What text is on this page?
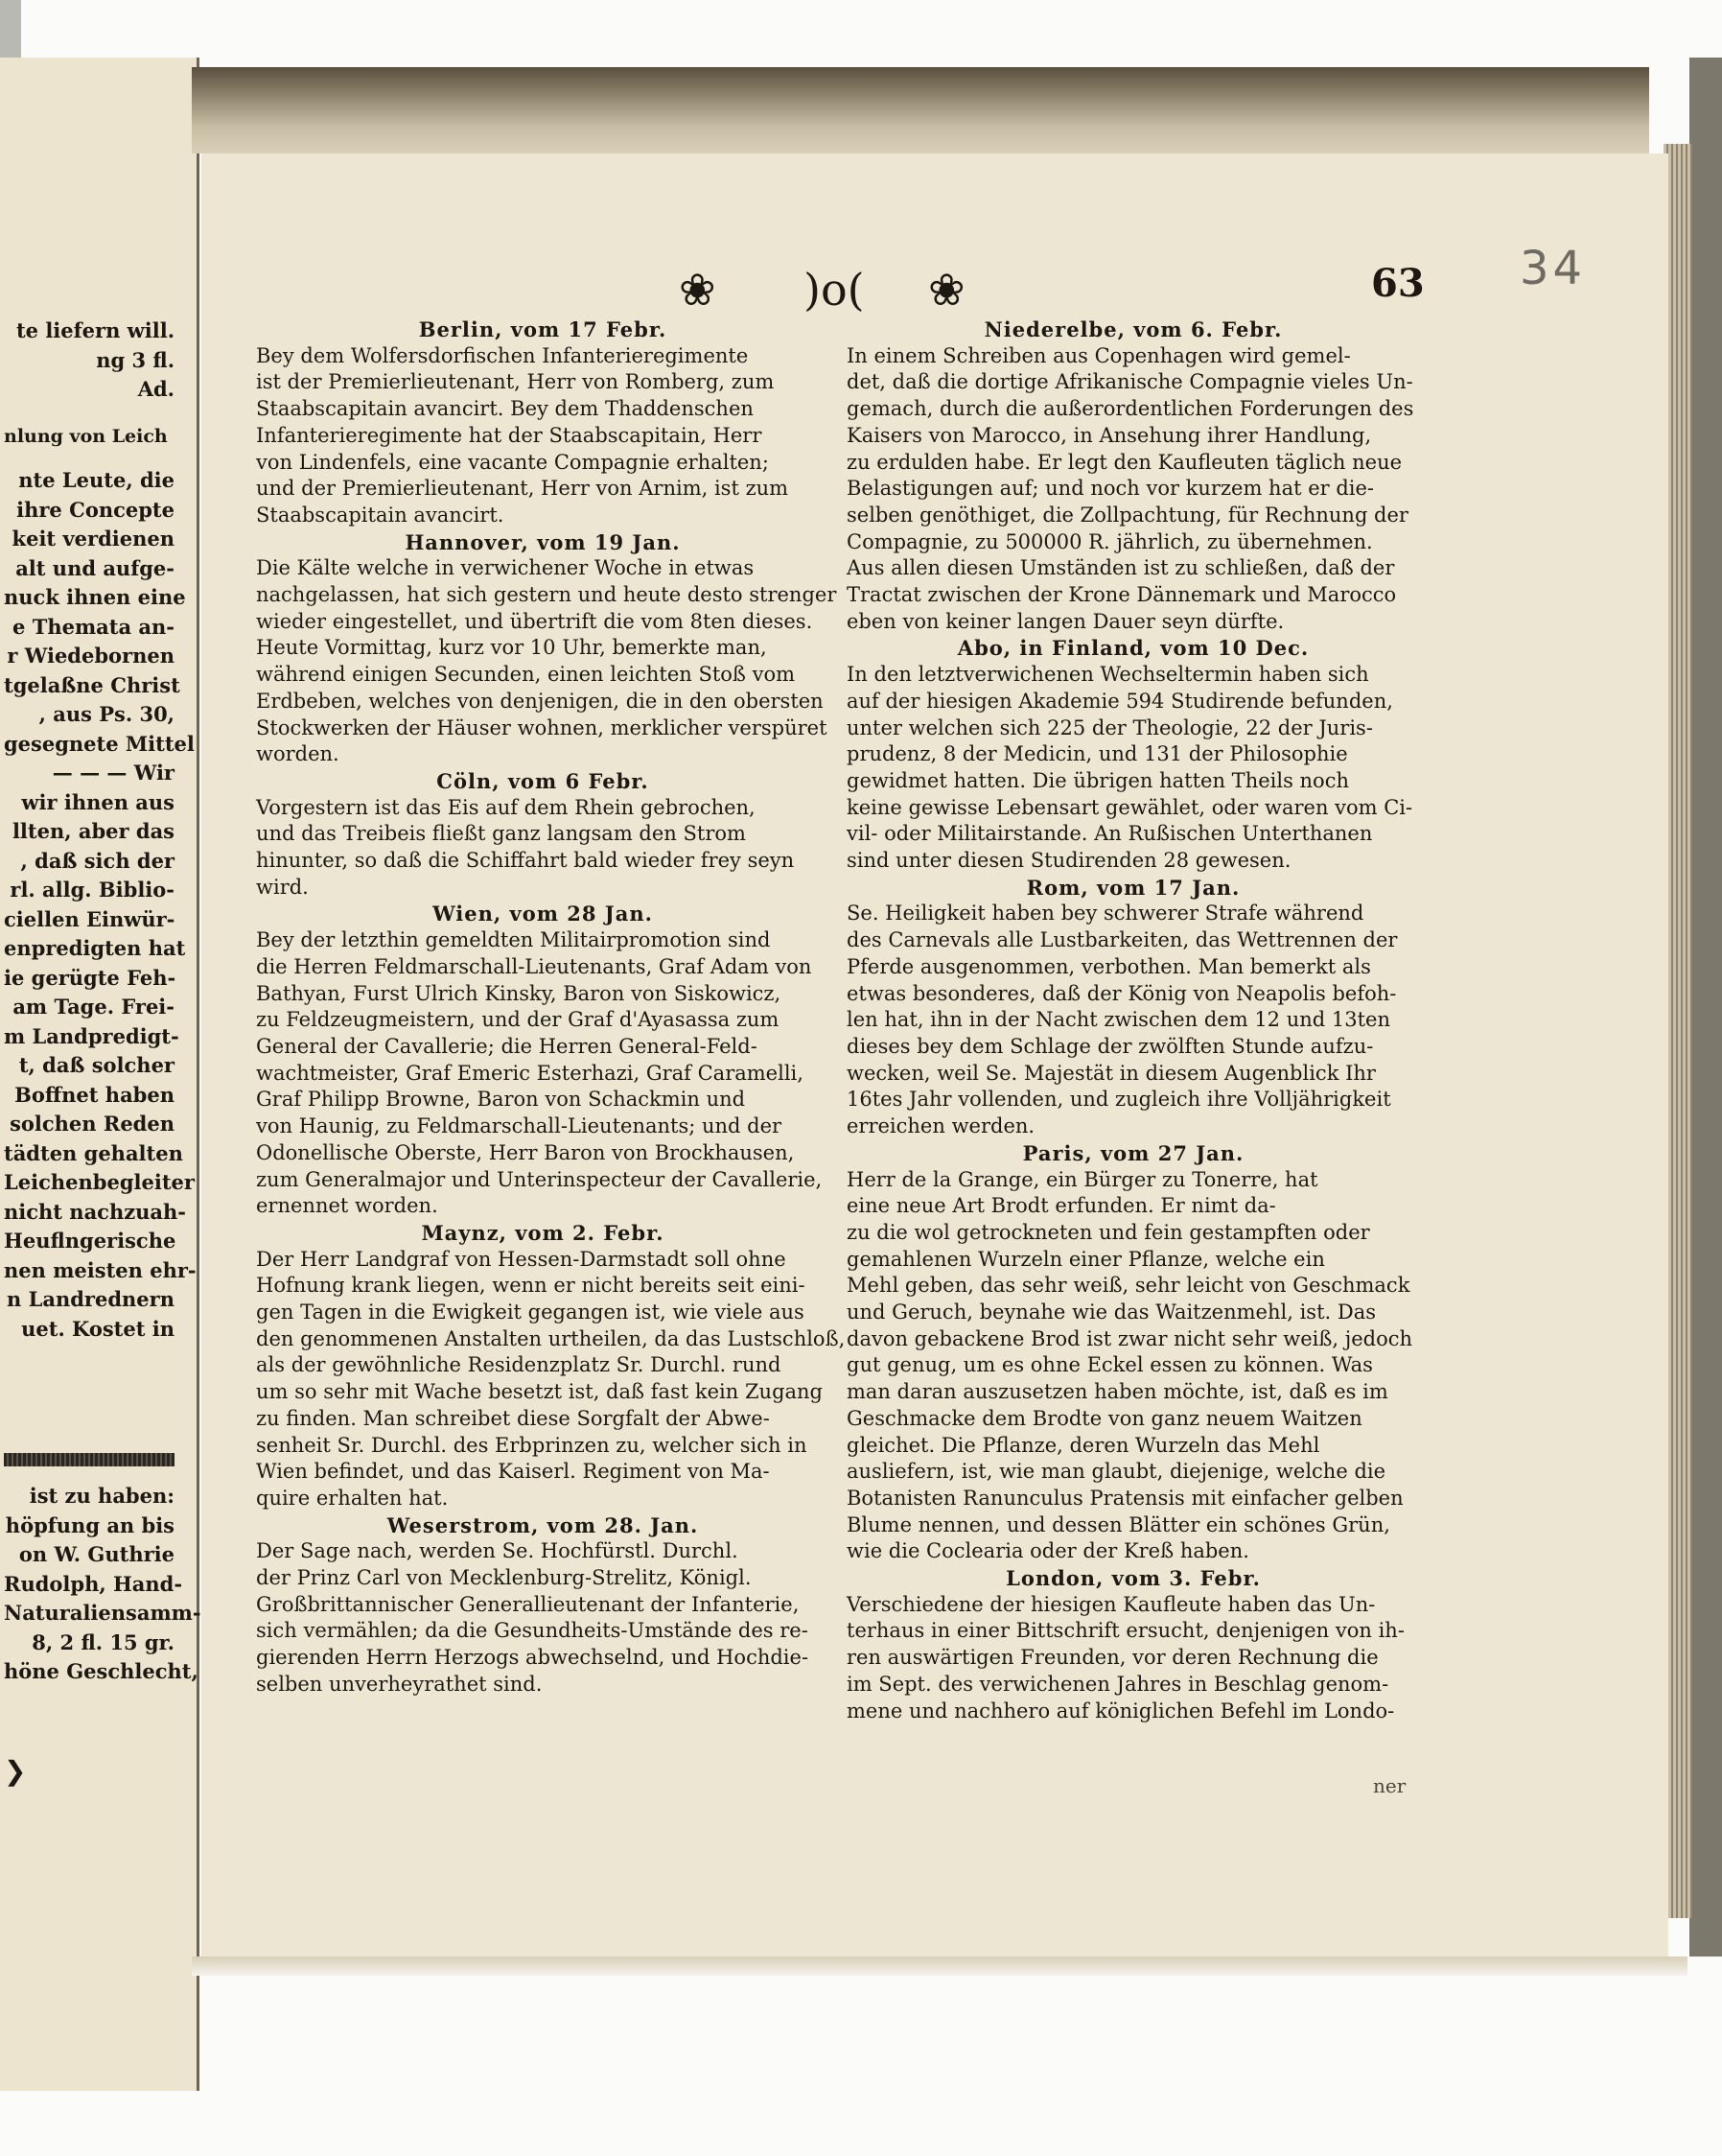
te liefern will.
ng 3 fl.
Ad.
nlung von Leich
nte Leute, die
ihre Concepte
keit verdienen
alt und aufge-
nuck ihnen eine
e Themata an-
r Wiedebornen
tgelaßne Christ
, aus Ps. 30,
gesegnete Mittel
— — — Wir
wir ihnen aus
llten, aber das
, daß sich der
rl. allg. Biblio-
ciellen Einwür-
enpredigten hat
ie gerügte Feh-
am Tage. Frei-
m Landpredigt-
t, daß solcher
Boffnet haben
solchen Reden
tädten gehalten
Leichenbegleiter
nicht nachzuah-
Heuflngerische
nen meisten ehr-
n Landrednern
uet. Kostet in
ist zu haben:
höpfung an bis
on W. Guthrie
Rudolph, Hand-
Naturaliensamm-
8, 2 fl. 15 gr.
höne Geschlecht,
❯
❀ )o( ❀	63 34

Berlin, vom 17 Febr.

Bey dem Wolfersdorfischen Infanterieregimente
ist der Premierlieutenant, Herr von Romberg, zum
Staabscapitain avancirt. Bey dem Thaddenschen
Infanterieregimente hat der Staabscapitain, Herr
von Lindenfels, eine vacante Compagnie erhalten;
und der Premierlieutenant, Herr von Arnim, ist zum
Staabscapitain avancirt.

Hannover, vom 19 Jan.

Die Kälte welche in verwichener Woche in etwas
nachgelassen, hat sich gestern und heute desto strenger
wieder eingestellet, und übertrift die vom 8ten dieses.
Heute Vormittag, kurz vor 10 Uhr, bemerkte man,
während einigen Secunden, einen leichten Stoß vom
Erdbeben, welches von denjenigen, die in den obersten
Stockwerken der Häuser wohnen, merklicher verspüret
worden.

Cöln, vom 6 Febr.

Vorgestern ist das Eis auf dem Rhein gebrochen,
und das Treibeis fließt ganz langsam den Strom
hinunter, so daß die Schiffahrt bald wieder frey seyn
wird.

Wien, vom 28 Jan.

Bey der letzthin gemeldten Militairpromotion sind
die Herren Feldmarschall-Lieutenants, Graf Adam von
Bathyan, Furst Ulrich Kinsky, Baron von Siskowicz,
zu Feldzeugmeistern, und der Graf d'Ayasassa zum
General der Cavallerie; die Herren General-Feld-
wachtmeister, Graf Emeric Esterhazi, Graf Caramelli,
Graf Philipp Browne, Baron von Schackmin und
von Haunig, zu Feldmarschall-Lieutenants; und der
Odonellische Oberste, Herr Baron von Brockhausen,
zum Generalmajor und Unterinspecteur der Cavallerie,
ernennet worden.

Maynz, vom 2. Febr.

Der Herr Landgraf von Hessen-Darmstadt soll ohne
Hofnung krank liegen, wenn er nicht bereits seit eini-
gen Tagen in die Ewigkeit gegangen ist, wie viele aus
den genommenen Anstalten urtheilen, da das Lustschloß,
als der gewöhnliche Residenzplatz Sr. Durchl. rund
um so sehr mit Wache besetzt ist, daß fast kein Zugang
zu finden. Man schreibet diese Sorgfalt der Abwe-
senheit Sr. Durchl. des Erbprinzen zu, welcher sich in
Wien befindet, und das Kaiserl. Regiment von Ma-
quire erhalten hat.

Weserstrom, vom 28. Jan.

Der Sage nach, werden Se. Hochfürstl. Durchl.
der Prinz Carl von Mecklenburg-Strelitz, Königl.
Großbrittannischer Generallieutenant der Infanterie,
sich vermählen; da die Gesundheits-Umstände des re-
gierenden Herrn Herzogs abwechselnd, und Hochdie-
selben unverheyrathet sind.

Niederelbe, vom 6. Febr.

In einem Schreiben aus Copenhagen wird gemel-
det, daß die dortige Afrikanische Compagnie vieles Un-
gemach, durch die außerordentlichen Forderungen des
Kaisers von Marocco, in Ansehung ihrer Handlung,
zu erdulden habe. Er legt den Kaufleuten täglich neue
Belastigungen auf; und noch vor kurzem hat er die-
selben genöthiget, die Zollpachtung, für Rechnung der
Compagnie, zu 500000 R. jährlich, zu übernehmen.
Aus allen diesen Umständen ist zu schließen, daß der
Tractat zwischen der Krone Dännemark und Marocco
eben von keiner langen Dauer seyn dürfte.

Abo, in Finland, vom 10 Dec.

In den letztverwichenen Wechseltermin haben sich
auf der hiesigen Akademie 594 Studirende befunden,
unter welchen sich 225 der Theologie, 22 der Juris-
prudenz, 8 der Medicin, und 131 der Philosophie
gewidmet hatten. Die übrigen hatten Theils noch
keine gewisse Lebensart gewählet, oder waren vom Ci-
vil- oder Militairstande. An Rußischen Unterthanen
sind unter diesen Studirenden 28 gewesen.

Rom, vom 17 Jan.

Se. Heiligkeit haben bey schwerer Strafe während
des Carnevals alle Lustbarkeiten, das Wettrennen der
Pferde ausgenommen, verbothen. Man bemerkt als
etwas besonderes, daß der König von Neapolis befoh-
len hat, ihn in der Nacht zwischen dem 12 und 13ten
dieses bey dem Schlage der zwölften Stunde aufzu-
wecken, weil Se. Majestät in diesem Augenblick Ihr
16tes Jahr vollenden, und zugleich ihre Volljährigkeit
erreichen werden.

Paris, vom 27 Jan.

Herr de la Grange, ein Bürger zu Tonerre, hat
eine neue Art Brodt erfunden. Er nimt da-
zu die wol getrockneten und fein gestampften oder
gemahlenen Wurzeln einer Pflanze, welche ein
Mehl geben, das sehr weiß, sehr leicht von Geschmack
und Geruch, beynahe wie das Waitzenmehl, ist. Das
davon gebackene Brod ist zwar nicht sehr weiß, jedoch
gut genug, um es ohne Eckel essen zu können. Was
man daran auszusetzen haben möchte, ist, daß es im
Geschmacke dem Brodte von ganz neuem Waitzen
gleichet. Die Pflanze, deren Wurzeln das Mehl
ausliefern, ist, wie man glaubt, diejenige, welche die
Botanisten Ranunculus Pratensis mit einfacher gelben
Blume nennen, und dessen Blätter ein schönes Grün,
wie die Coclearia oder der Kreß haben.

London, vom 3. Febr.

Verschiedene der hiesigen Kaufleute haben das Un-
terhaus in einer Bittschrift ersucht, denjenigen von ih-
ren auswärtigen Freunden, vor deren Rechnung die
im Sept. des verwichenen Jahres in Beschlag genom-
mene und nachhero auf königlichen Befehl im Londo-

ner
